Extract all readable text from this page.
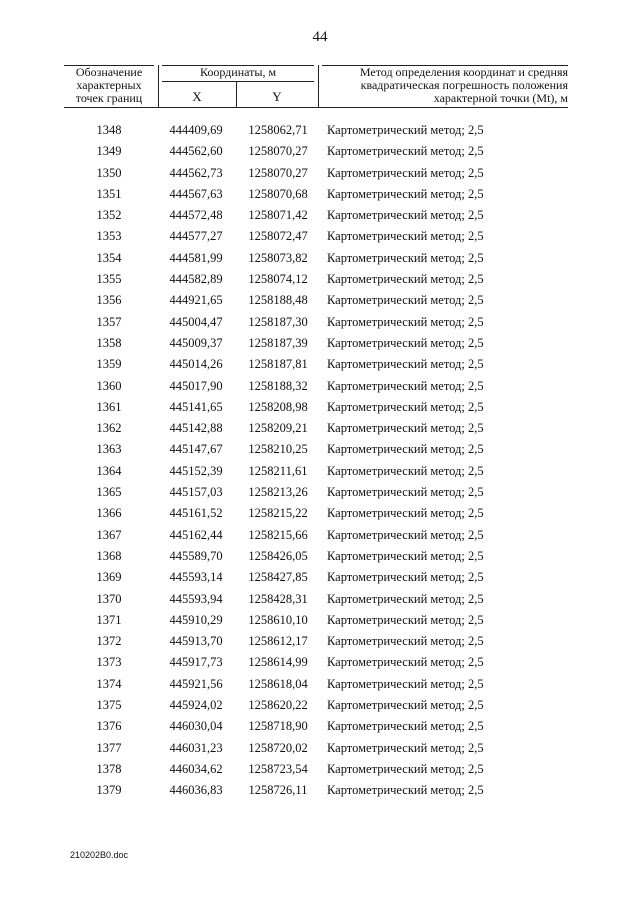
44
Обозначение
характерных
точек границ
Координаты, м
X	Y
Метод определения координат и средняя
квадратическая погрешность положения
характерной точки (Mt), м
1348	444409,69	1258062,71	Картометрический метод; 2,5
1349	444562,60	1258070,27	Картометрический метод; 2,5
1350	444562,73	1258070,27	Картометрический метод; 2,5
1351	444567,63	1258070,68	Картометрический метод; 2,5
1352	444572,48	1258071,42	Картометрический метод; 2,5
1353	444577,27	1258072,47	Картометрический метод; 2,5
1354	444581,99	1258073,82	Картометрический метод; 2,5
1355	444582,89	1258074,12	Картометрический метод; 2,5
1356	444921,65	1258188,48	Картометрический метод; 2,5
1357	445004,47	1258187,30	Картометрический метод; 2,5
1358	445009,37	1258187,39	Картометрический метод; 2,5
1359	445014,26	1258187,81	Картометрический метод; 2,5
1360	445017,90	1258188,32	Картометрический метод; 2,5
1361	445141,65	1258208,98	Картометрический метод; 2,5
1362	445142,88	1258209,21	Картометрический метод; 2,5
1363	445147,67	1258210,25	Картометрический метод; 2,5
1364	445152,39	1258211,61	Картометрический метод; 2,5
1365	445157,03	1258213,26	Картометрический метод; 2,5
1366	445161,52	1258215,22	Картометрический метод; 2,5
1367	445162,44	1258215,66	Картометрический метод; 2,5
1368	445589,70	1258426,05	Картометрический метод; 2,5
1369	445593,14	1258427,85	Картометрический метод; 2,5
1370	445593,94	1258428,31	Картометрический метод; 2,5
1371	445910,29	1258610,10	Картометрический метод; 2,5
1372	445913,70	1258612,17	Картометрический метод; 2,5
1373	445917,73	1258614,99	Картометрический метод; 2,5
1374	445921,56	1258618,04	Картометрический метод; 2,5
1375	445924,02	1258620,22	Картометрический метод; 2,5
1376	446030,04	1258718,90	Картометрический метод; 2,5
1377	446031,23	1258720,02	Картометрический метод; 2,5
1378	446034,62	1258723,54	Картометрический метод; 2,5
1379	446036,83	1258726,11	Картометрический метод; 2,5
210202B0.doc
